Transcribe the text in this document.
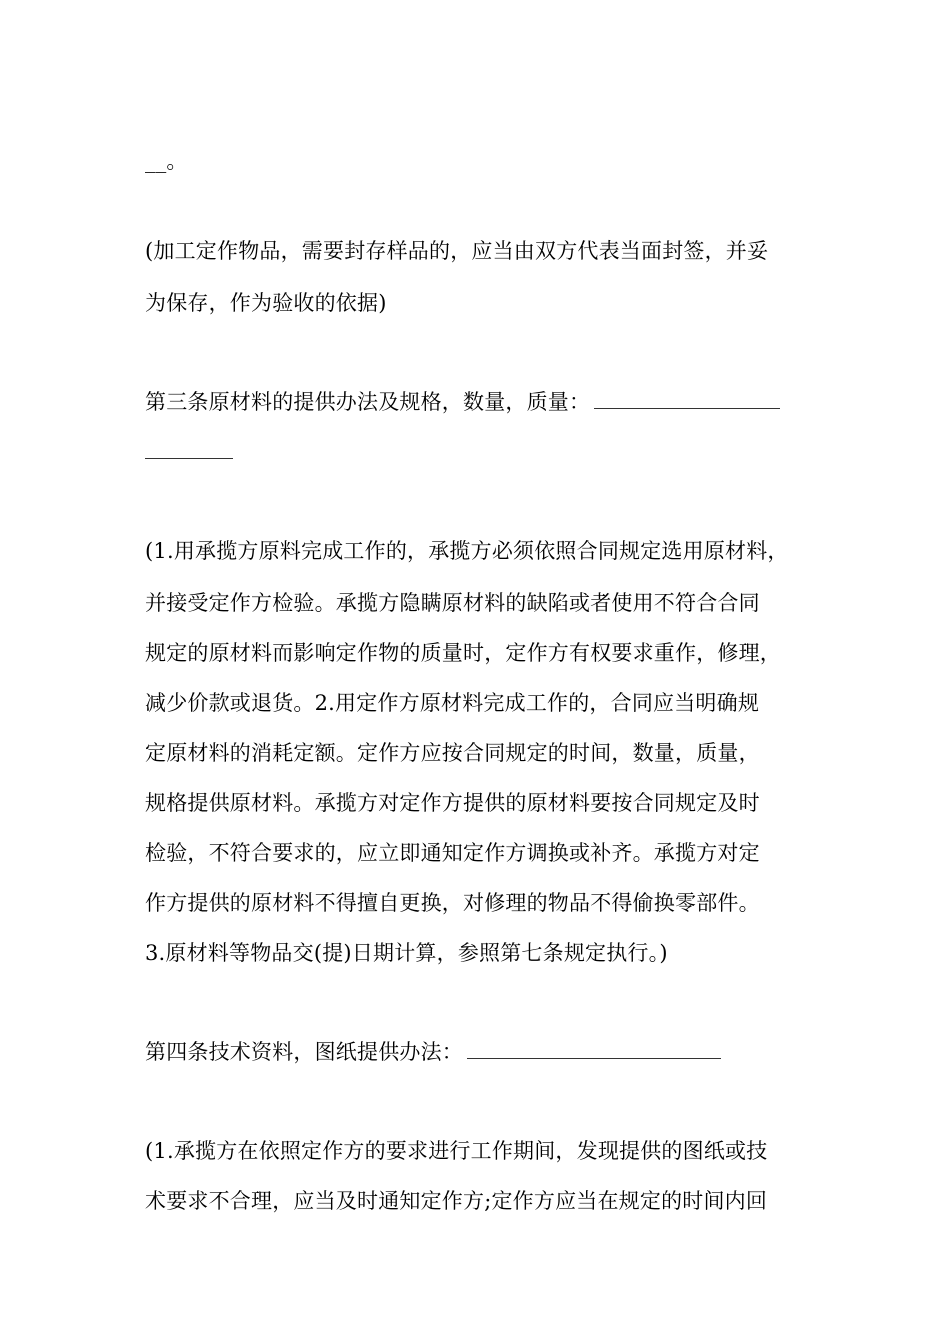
__。
(加工定作物品，需要封存样品的，应当由双方代表当面封签，并妥
为保存，作为验收的依据)
第三条原材料的提供办法及规格，数量，质量：
(1.用承揽方原料完成工作的，承揽方必须依照合同规定选用原材料，
并接受定作方检验。承揽方隐瞒原材料的缺陷或者使用不符合合同
规定的原材料而影响定作物的质量时，定作方有权要求重作，修理，
减少价款或退货。2.用定作方原材料完成工作的，合同应当明确规
定原材料的消耗定额。定作方应按合同规定的时间，数量，质量，
规格提供原材料。承揽方对定作方提供的原材料要按合同规定及时
检验，不符合要求的，应立即通知定作方调换或补齐。承揽方对定
作方提供的原材料不得擅自更换，对修理的物品不得偷换零部件。
3.原材料等物品交(提)日期计算，参照第七条规定执行。)
第四条技术资料，图纸提供办法：
(1.承揽方在依照定作方的要求进行工作期间，发现提供的图纸或技
术要求不合理，应当及时通知定作方;定作方应当在规定的时间内回
